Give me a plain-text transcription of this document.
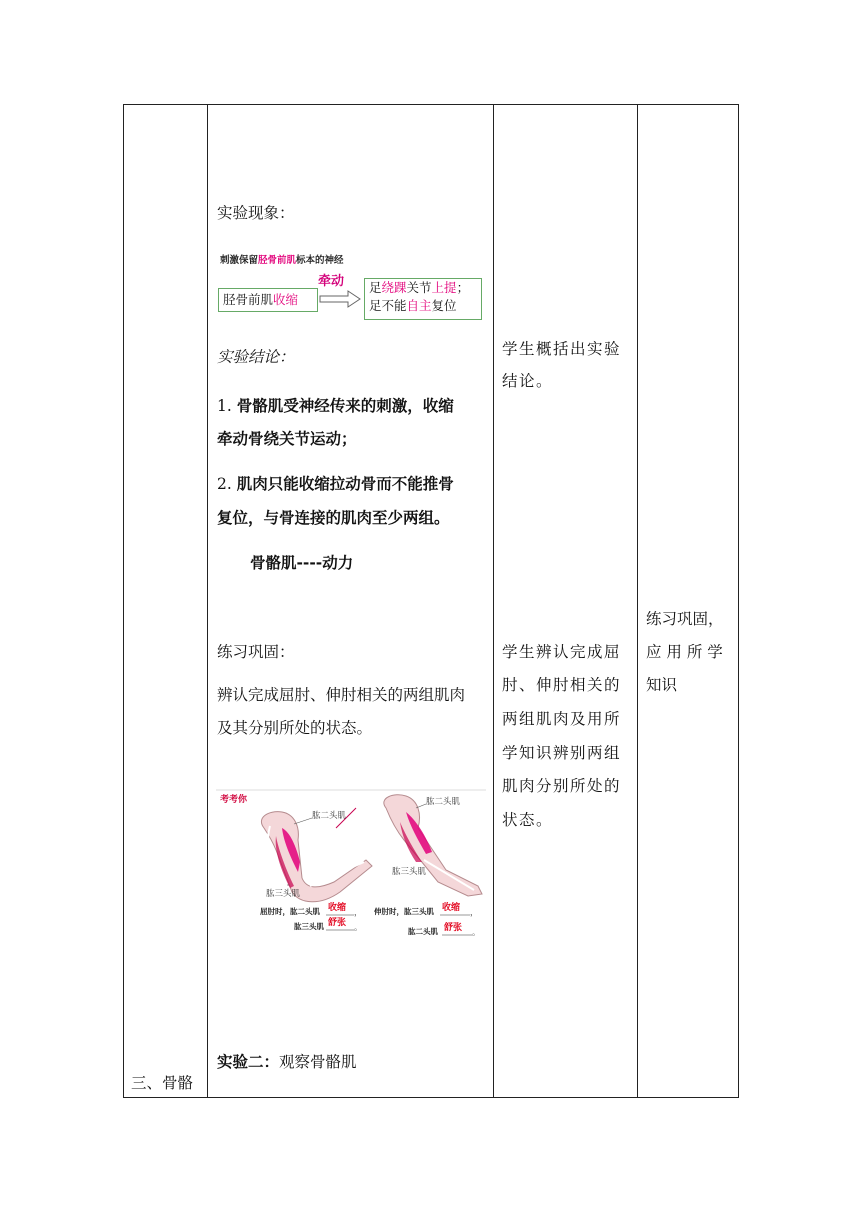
三、骨骼
实验现象：
刺激保留胫骨前肌标本的神经
胫骨前肌收缩
牵动 足绕踝关节上提；
足不能自主复位
实验结论：
1. 骨骼肌受神经传来的刺激，收缩
牵动骨绕关节运动；
2. 肌肉只能收缩拉动骨而不能推骨
复位，与骨连接的肌肉至少两组。
骨骼肌----动力
练习巩固：
辨认完成屈肘、伸肘相关的两组肌肉
及其分别所处的状态。
考考你
肱二头肌
肱三头肌
肱二头肌
肱三头肌
屈肘时，肱二头肌 收缩 ，
肱三头肌 舒张 。
伸肘时，肱三头肌 收缩 ，
肱二头肌 舒张 。
实验二：观察骨骼肌
学生概括出实验
结论。
学生辨认完成屈
肘、伸肘相关的
两组肌肉及用所
学知识辨别两组
肌肉分别所处的
状态。
练习巩固，
应 用 所 学
知识
